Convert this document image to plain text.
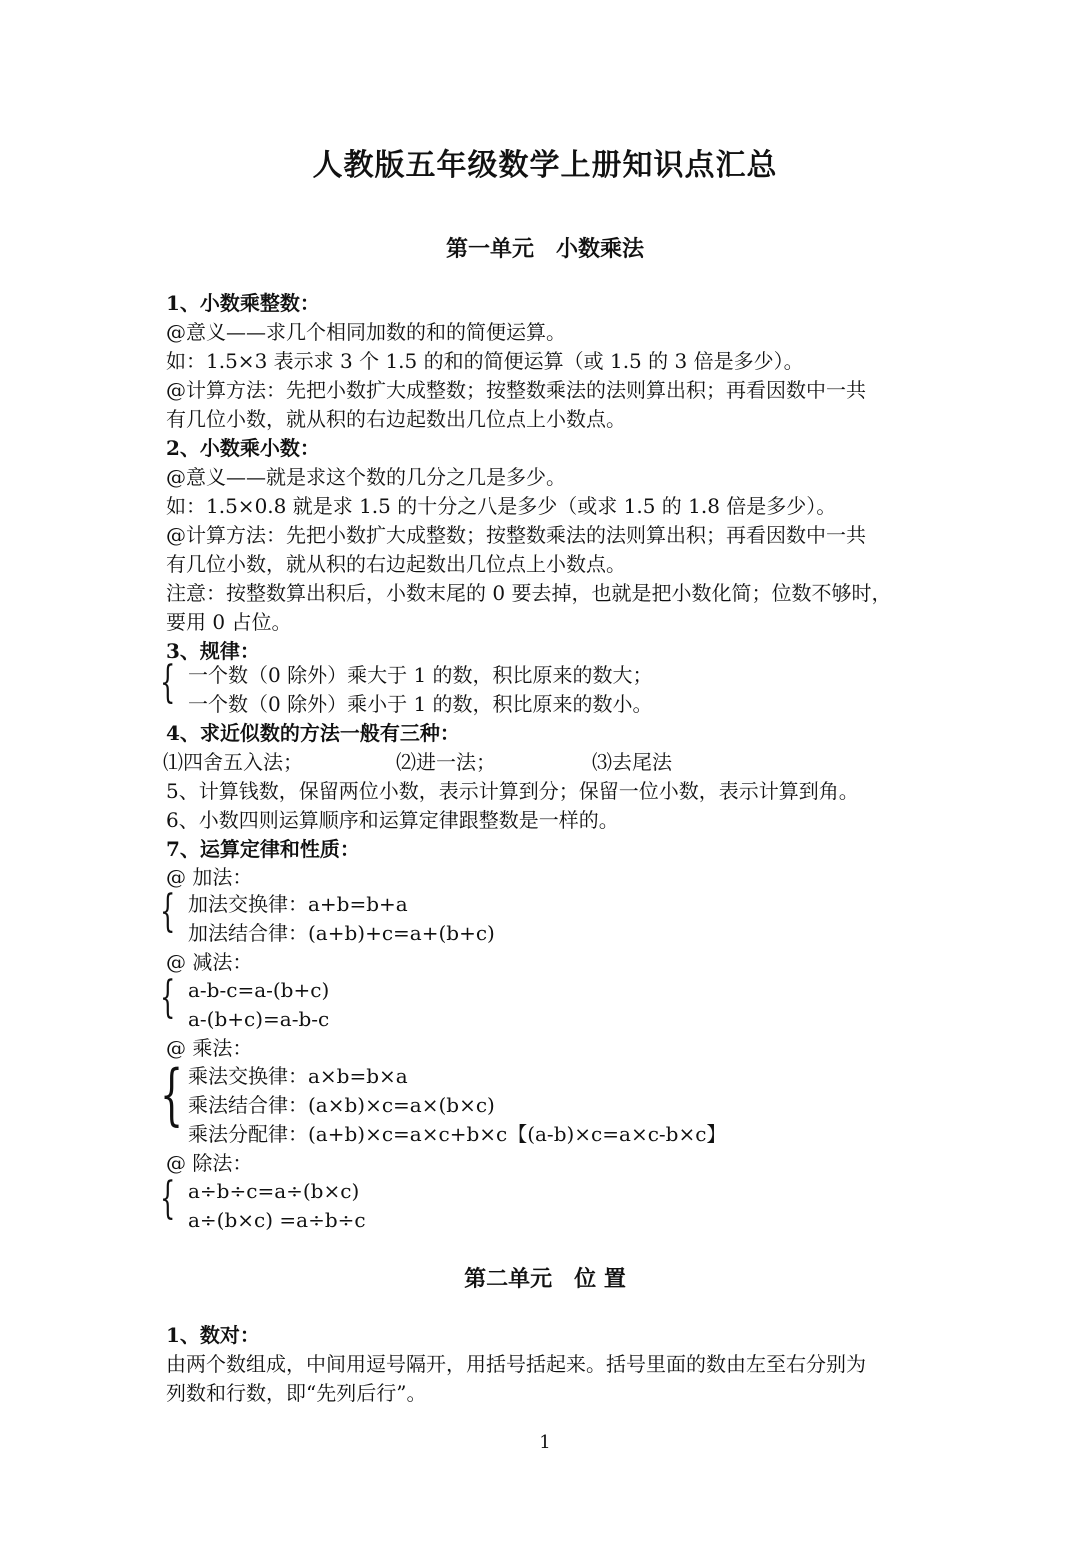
人教版五年级数学上册知识点汇总
第一单元　小数乘法
1、小数乘整数：
@意义——求几个相同加数的和的简便运算。
如：1.5×3 表示求 3 个 1.5 的和的简便运算（或 1.5 的 3 倍是多少）。
@计算方法：先把小数扩大成整数；按整数乘法的法则算出积；再看因数中一共
有几位小数，就从积的右边起数出几位点上小数点。
2、小数乘小数：
@意义——就是求这个数的几分之几是多少。
如：1.5×0.8 就是求 1.5 的十分之八是多少（或求 1.5 的 1.8 倍是多少）。
@计算方法：先把小数扩大成整数；按整数乘法的法则算出积；再看因数中一共
有几位小数，就从积的右边起数出几位点上小数点。
注意：按整数算出积后，小数末尾的 0 要去掉，也就是把小数化简；位数不够时，
要用 0 占位。
3、规律：
{ 一个数（0 除外）乘大于 1 的数，积比原来的数大；
一个数（0 除外）乘小于 1 的数，积比原来的数小。
4、求近似数的方法一般有三种：
⑴四舍五入法；	⑵进一法；	⑶去尾法
5、计算钱数，保留两位小数，表示计算到分；保留一位小数，表示计算到角。
6、小数四则运算顺序和运算定律跟整数是一样的。
7、运算定律和性质：
@ 加法：
{ 加法交换律：a+b=b+a
加法结合律：(a+b)+c=a+(b+c)
@ 减法：
{ a-b-c=a-(b+c)
a-(b+c)=a-b-c
@ 乘法：
{ 乘法交换律：a×b=b×a
乘法结合律：(a×b)×c=a×(b×c)
乘法分配律：(a+b)×c=a×c+b×c【(a-b)×c=a×c-b×c】
@ 除法：
{ a÷b÷c=a÷(b×c)
a÷(b×c) =a÷b÷c
第二单元　位 置
1、数对：
由两个数组成，中间用逗号隔开，用括号括起来。括号里面的数由左至右分别为
列数和行数，即“先列后行”。
1
